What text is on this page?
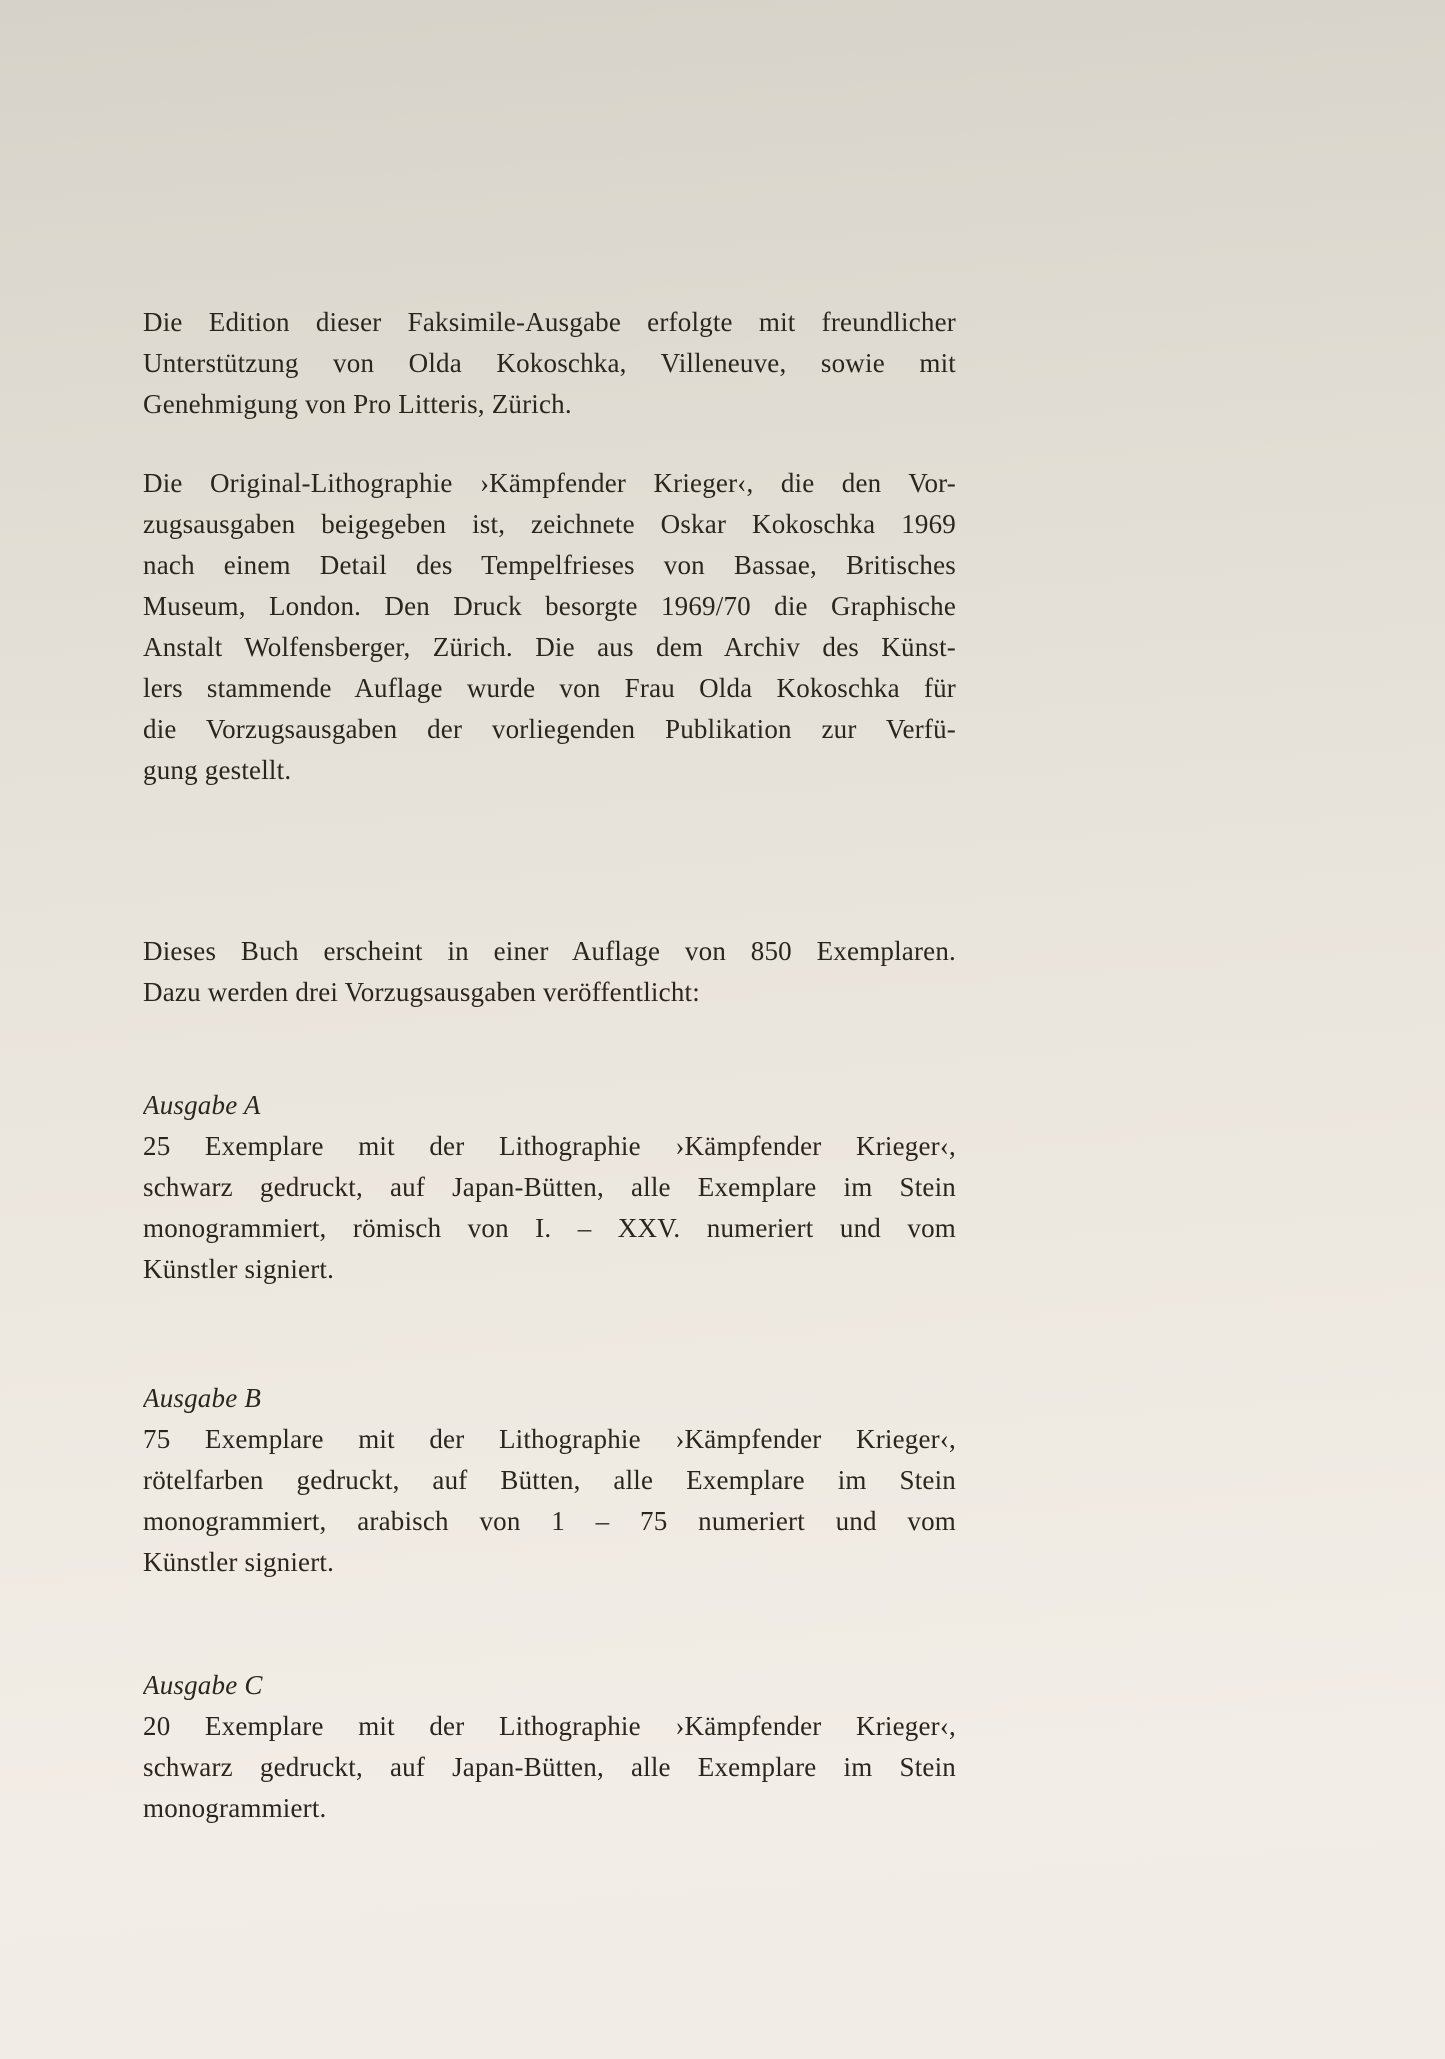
Die Edition dieser Faksimile-Ausgabe erfolgte mit freundlicher
Unterstützung von Olda Kokoschka, Villeneuve, sowie mit
Genehmigung von Pro Litteris, Zürich.
Die Original-Lithographie ›Kämpfender Krieger‹, die den Vor-
zugsausgaben beigegeben ist, zeichnete Oskar Kokoschka 1969
nach einem Detail des Tempelfrieses von Bassae, Britisches
Museum, London. Den Druck besorgte 1969/70 die Graphische
Anstalt Wolfensberger, Zürich. Die aus dem Archiv des Künst-
lers stammende Auflage wurde von Frau Olda Kokoschka für
die Vorzugsausgaben der vorliegenden Publikation zur Verfü-
gung gestellt.
Dieses Buch erscheint in einer Auflage von 850 Exemplaren.
Dazu werden drei Vorzugsausgaben veröffentlicht:
Ausgabe A
25 Exemplare mit der Lithographie ›Kämpfender Krieger‹,
schwarz gedruckt, auf Japan-Bütten, alle Exemplare im Stein
monogrammiert, römisch von I. – XXV. numeriert und vom
Künstler signiert.
Ausgabe B
75 Exemplare mit der Lithographie ›Kämpfender Krieger‹,
rötelfarben gedruckt, auf Bütten, alle Exemplare im Stein
monogrammiert, arabisch von 1 – 75 numeriert und vom
Künstler signiert.
Ausgabe C
20 Exemplare mit der Lithographie ›Kämpfender Krieger‹,
schwarz gedruckt, auf Japan-Bütten, alle Exemplare im Stein
monogrammiert.
